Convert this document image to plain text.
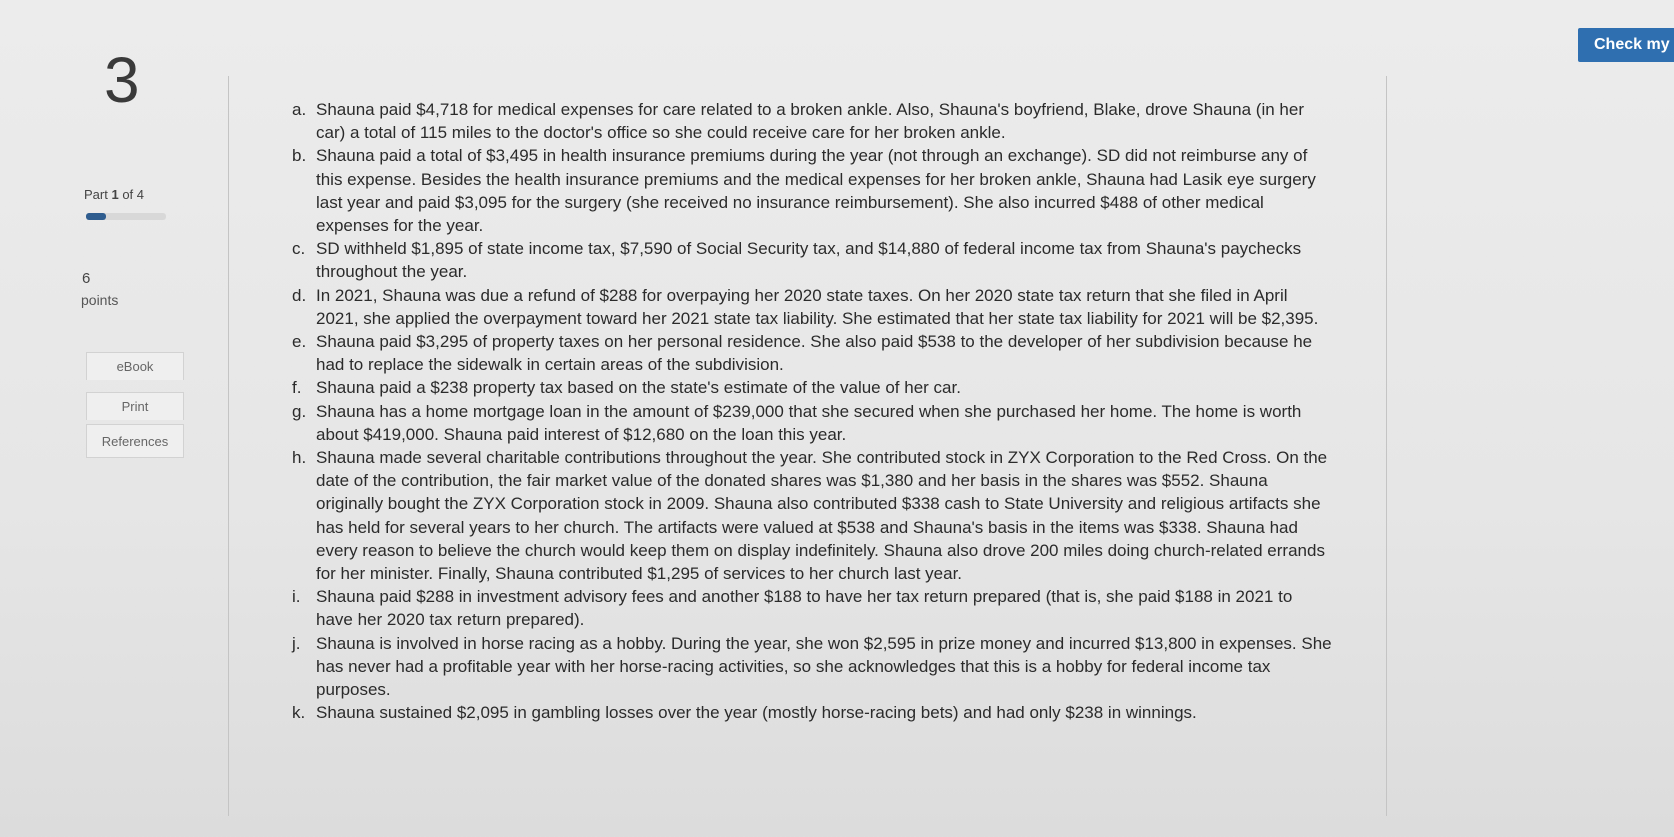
3
Part 1 of 4
6
points
eBook
Print
References
Check my
a. Shauna paid $4,718 for medical expenses for care related to a broken ankle. Also, Shauna's boyfriend, Blake, drove Shauna (in her car) a total of 115 miles to the doctor's office so she could receive care for her broken ankle.
b. Shauna paid a total of $3,495 in health insurance premiums during the year (not through an exchange). SD did not reimburse any of this expense. Besides the health insurance premiums and the medical expenses for her broken ankle, Shauna had Lasik eye surgery last year and paid $3,095 for the surgery (she received no insurance reimbursement). She also incurred $488 of other medical expenses for the year.
c. SD withheld $1,895 of state income tax, $7,590 of Social Security tax, and $14,880 of federal income tax from Shauna's paychecks throughout the year.
d. In 2021, Shauna was due a refund of $288 for overpaying her 2020 state taxes. On her 2020 state tax return that she filed in April 2021, she applied the overpayment toward her 2021 state tax liability. She estimated that her state tax liability for 2021 will be $2,395.
e. Shauna paid $3,295 of property taxes on her personal residence. She also paid $538 to the developer of her subdivision because he had to replace the sidewalk in certain areas of the subdivision.
f. Shauna paid a $238 property tax based on the state's estimate of the value of her car.
g. Shauna has a home mortgage loan in the amount of $239,000 that she secured when she purchased her home. The home is worth about $419,000. Shauna paid interest of $12,680 on the loan this year.
h. Shauna made several charitable contributions throughout the year. She contributed stock in ZYX Corporation to the Red Cross. On the date of the contribution, the fair market value of the donated shares was $1,380 and her basis in the shares was $552. Shauna originally bought the ZYX Corporation stock in 2009. Shauna also contributed $338 cash to State University and religious artifacts she has held for several years to her church. The artifacts were valued at $538 and Shauna's basis in the items was $338. Shauna had every reason to believe the church would keep them on display indefinitely. Shauna also drove 200 miles doing church-related errands for her minister. Finally, Shauna contributed $1,295 of services to her church last year.
i. Shauna paid $288 in investment advisory fees and another $188 to have her tax return prepared (that is, she paid $188 in 2021 to have her 2020 tax return prepared).
j. Shauna is involved in horse racing as a hobby. During the year, she won $2,595 in prize money and incurred $13,800 in expenses. She has never had a profitable year with her horse-racing activities, so she acknowledges that this is a hobby for federal income tax purposes.
k. Shauna sustained $2,095 in gambling losses over the year (mostly horse-racing bets) and had only $238 in winnings.
